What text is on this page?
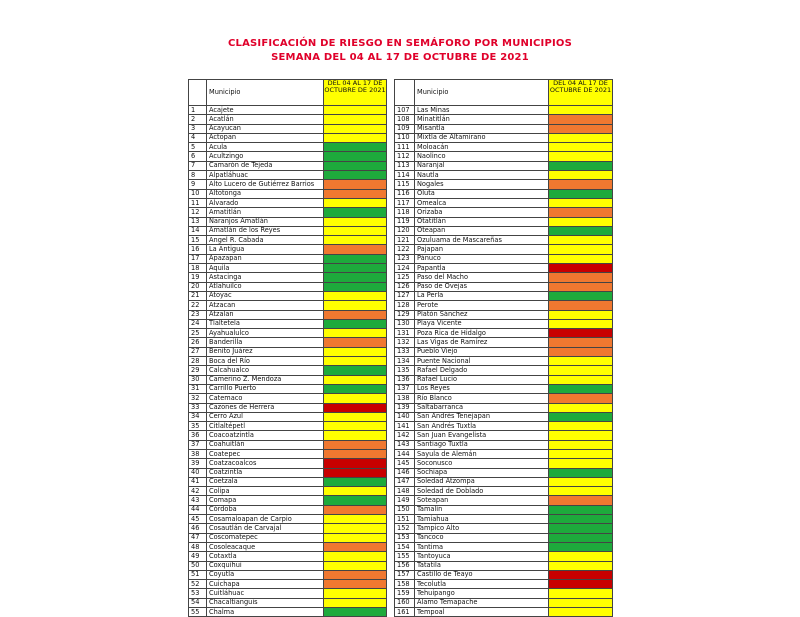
CLASIFICACIÓN DE RIESGO EN SEMÁFORO POR MUNICIPIOS
SEMANA DEL 04 AL 17 DE OCTUBRE DE 2021
	Municipio	DEL 04 AL 17 DE OCTUBRE DE 2021
1	Acajete	
2	Acatlán	
3	Acayucan	
4	Actopan	
5	Acula	
6	Acultzingo	
7	Camarón de Tejeda	
8	Alpatláhuac	
9	Alto Lucero de Gutiérrez Barrios	
10	Altotonga	
11	Alvarado	
12	Amatitlán	
13	Naranjos Amatlán	
14	Amatlán de los Reyes	
15	Angel R. Cabada	
16	La Antigua	
17	Apazapan	
18	Aquila	
19	Astacinga	
20	Atlahuilco	
21	Atoyac	
22	Atzacan	
23	Atzalan	
24	Tlaltetela	
25	Ayahualulco	
26	Banderilla	
27	Benito Juárez	
28	Boca del Río	
29	Calcahualco	
30	Camerino Z. Mendoza	
31	Carrillo Puerto	
32	Catemaco	
33	Cazones de Herrera	
34	Cerro Azul	
35	Citlaltépetl	
36	Coacoatzintla	
37	Coahuitlán	
38	Coatepec	
39	Coatzacoalcos	
40	Coatzintla	
41	Coetzala	
42	Colipa	
43	Comapa	
44	Córdoba	
45	Cosamaloapan de Carpio	
46	Cosautlán de Carvajal	
47	Coscomatepec	
48	Cosoleacaque	
49	Cotaxtla	
50	Coxquihui	
51	Coyutla	
52	Cuichapa	
53	Cuitláhuac	
54	Chacaltianguis	
55	Chalma	
	Municipio	DEL 04 AL 17 DE OCTUBRE DE 2021
107	Las Minas	
108	Minatitlán	
109	Misantla	
110	Mixtla de Altamirano	
111	Moloacán	
112	Naolinco	
113	Naranjal	
114	Nautla	
115	Nogales	
116	Oluta	
117	Omealca	
118	Orizaba	
119	Otatitlán	
120	Oteapan	
121	Ozuluama de Mascareñas	
122	Pajapan	
123	Pánuco	
124	Papantla	
125	Paso del Macho	
126	Paso de Ovejas	
127	La Perla	
128	Perote	
129	Platón Sánchez	
130	Playa Vicente	
131	Poza Rica de Hidalgo	
132	Las Vigas de Ramírez	
133	Pueblo Viejo	
134	Puente Nacional	
135	Rafael Delgado	
136	Rafael Lucio	
137	Los Reyes	
138	Río Blanco	
139	Saltabarranca	
140	San Andrés Tenejapan	
141	San Andrés Tuxtla	
142	San Juan Evangelista	
143	Santiago Tuxtla	
144	Sayula de Alemán	
145	Soconusco	
146	Sochiapa	
147	Soledad Atzompa	
148	Soledad de Doblado	
149	Soteapan	
150	Tamalín	
151	Tamiahua	
152	Tampico Alto	
153	Tancoco	
154	Tantima	
155	Tantoyuca	
156	Tatatila	
157	Castillo de Teayo	
158	Tecolutla	
159	Tehuipango	
160	Álamo Temapache	
161	Tempoal	
